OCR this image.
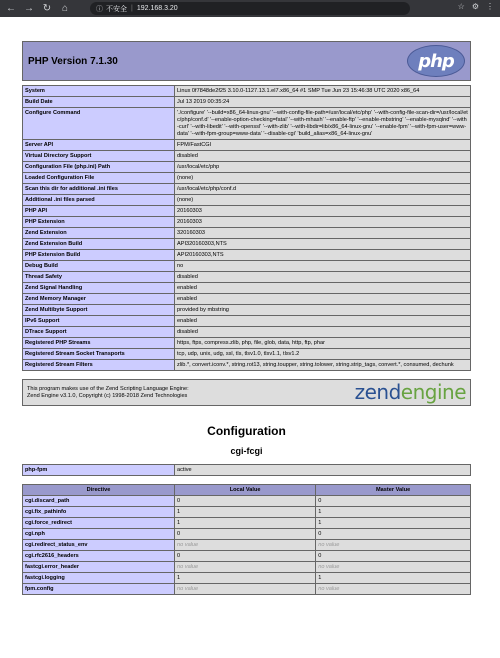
← → ↻	⌂	ⓘ 不安全 | 192.168.3.20	☆ ⚙ ⋮
PHP Version 7.1.30	php
System	Linux 0f7848de2f25 3.10.0-1127.13.1.el7.x86_64 #1 SMP Tue Jun 23 15:46:38 UTC 2020 x86_64
Build Date	Jul 13 2019 00:35:24
Configure Command	'./configure' '--build=x86_64-linux-gnu' '--with-config-file-path=/usr/local/etc/php' '--with-config-file-scan-dir=/usr/local/etc/php/conf.d' '--enable-option-checking=fatal' '--with-mhash' '--enable-ftp' '--enable-mbstring' '--enable-mysqlnd' '--with-curl' '--with-libedit' '--with-openssl' '--with-zlib' '--with-libdir=lib/x86_64-linux-gnu' '--enable-fpm' '--with-fpm-user=www-data' '--with-fpm-group=www-data' '--disable-cgi' 'build_alias=x86_64-linux-gnu'
Server API	FPM/FastCGI
Virtual Directory Support	disabled
Configuration File (php.ini) Path	/usr/local/etc/php
Loaded Configuration File	(none)
Scan this dir for additional .ini files	/usr/local/etc/php/conf.d
Additional .ini files parsed	(none)
PHP API	20160303
PHP Extension	20160303
Zend Extension	320160303
Zend Extension Build	API320160303,NTS
PHP Extension Build	API20160303,NTS
Debug Build	no
Thread Safety	disabled
Zend Signal Handling	enabled
Zend Memory Manager	enabled
Zend Multibyte Support	provided by mbstring
IPv6 Support	enabled
DTrace Support	disabled
Registered PHP Streams	https, ftps, compress.zlib, php, file, glob, data, http, ftp, phar
Registered Stream Socket Transports	tcp, udp, unix, udg, ssl, tls, tlsv1.0, tlsv1.1, tlsv1.2
Registered Stream Filters	zlib.*, convert.iconv.*, string.rot13, string.toupper, string.tolower, string.strip_tags, convert.*, consumed, dechunk
This program makes use of the Zend Scripting Language Engine:
Zend Engine v3.1.0, Copyright (c) 1998-2018 Zend Technologies	zendengine
Configuration
cgi-fcgi
php-fpm	active
Directive	Local Value	Master Value
cgi.discard_path	0	0
cgi.fix_pathinfo	1	1
cgi.force_redirect	1	1
cgi.nph	0	0
cgi.redirect_status_env	no value	no value
cgi.rfc2616_headers	0	0
fastcgi.error_header	no value	no value
fastcgi.logging	1	1
fpm.config	no value	no value
